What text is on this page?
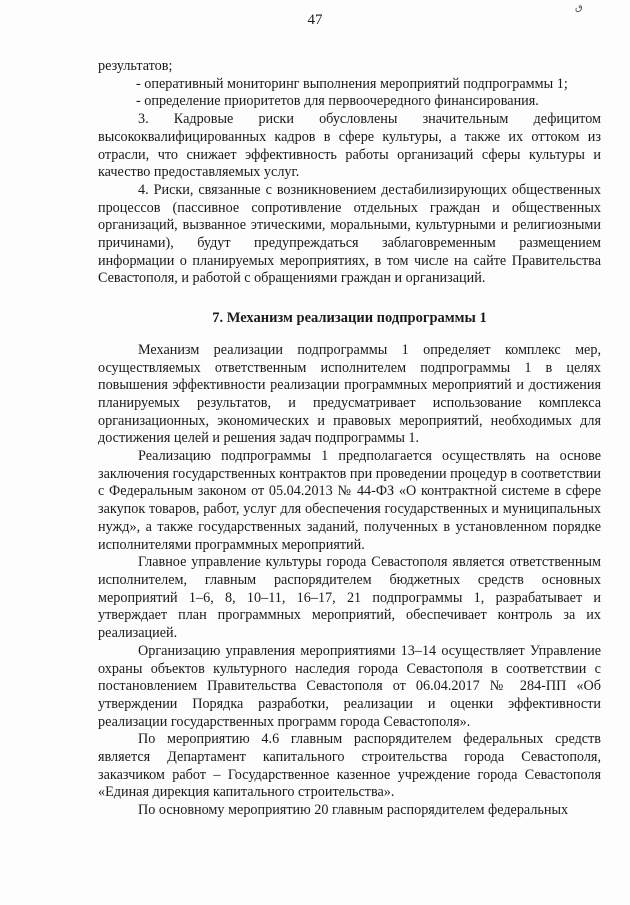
47
ٯ

результатов;

- оперативный мониторинг выполнения мероприятий подпрограммы 1;

- определение приоритетов для первоочередного финансирования.

3. Кадровые риски обусловлены значительным дефицитом высококвалифицированных кадров в сфере культуры, а также их оттоком из отрасли, что снижает эффективность работы организаций сферы культуры и качество предоставляемых услуг.

4. Риски, связанные с возникновением дестабилизирующих общественных процессов (пассивное сопротивление отдельных граждан и общественных организаций, вызванное этическими, моральными, культурными и религиозными причинами), будут предупреждаться заблаговременным размещением информации о планируемых мероприятиях, в том числе на сайте Правительства Севастополя, и работой с обращениями граждан и организаций.

7. Механизм реализации подпрограммы 1

Механизм реализации подпрограммы 1 определяет комплекс мер, осуществляемых ответственным исполнителем подпрограммы 1 в целях повышения эффективности реализации программных мероприятий и достижения планируемых результатов, и предусматривает использование комплекса организационных, экономических и правовых мероприятий, необходимых для достижения целей и решения задач подпрограммы 1.

Реализацию подпрограммы 1 предполагается осуществлять на основе заключения государственных контрактов при проведении процедур в соответствии с Федеральным законом от 05.04.2013 № 44-ФЗ «О контрактной системе в сфере закупок товаров, работ, услуг для обеспечения государственных и муниципальных нужд», а также государственных заданий, полученных в установленном порядке исполнителями программных мероприятий.

Главное управление культуры города Севастополя является ответственным исполнителем, главным распорядителем бюджетных средств основных мероприятий 1–6, 8, 10–11, 16–17, 21 подпрограммы 1, разрабатывает и утверждает план программных мероприятий, обеспечивает контроль за их реализацией.

Организацию управления мероприятиями 13–14 осуществляет Управление охраны объектов культурного наследия города Севастополя в соответствии с постановлением Правительства Севастополя от 06.04.2017 № 284-ПП «Об утверждении Порядка разработки, реализации и оценки эффективности реализации государственных программ города Севастополя».

По мероприятию 4.6 главным распорядителем федеральных средств является Департамент капитального строительства города Севастополя, заказчиком работ – Государственное казенное учреждение города Севастополя «Единая дирекция капитального строительства».

По основному мероприятию 20 главным распорядителем федеральных
